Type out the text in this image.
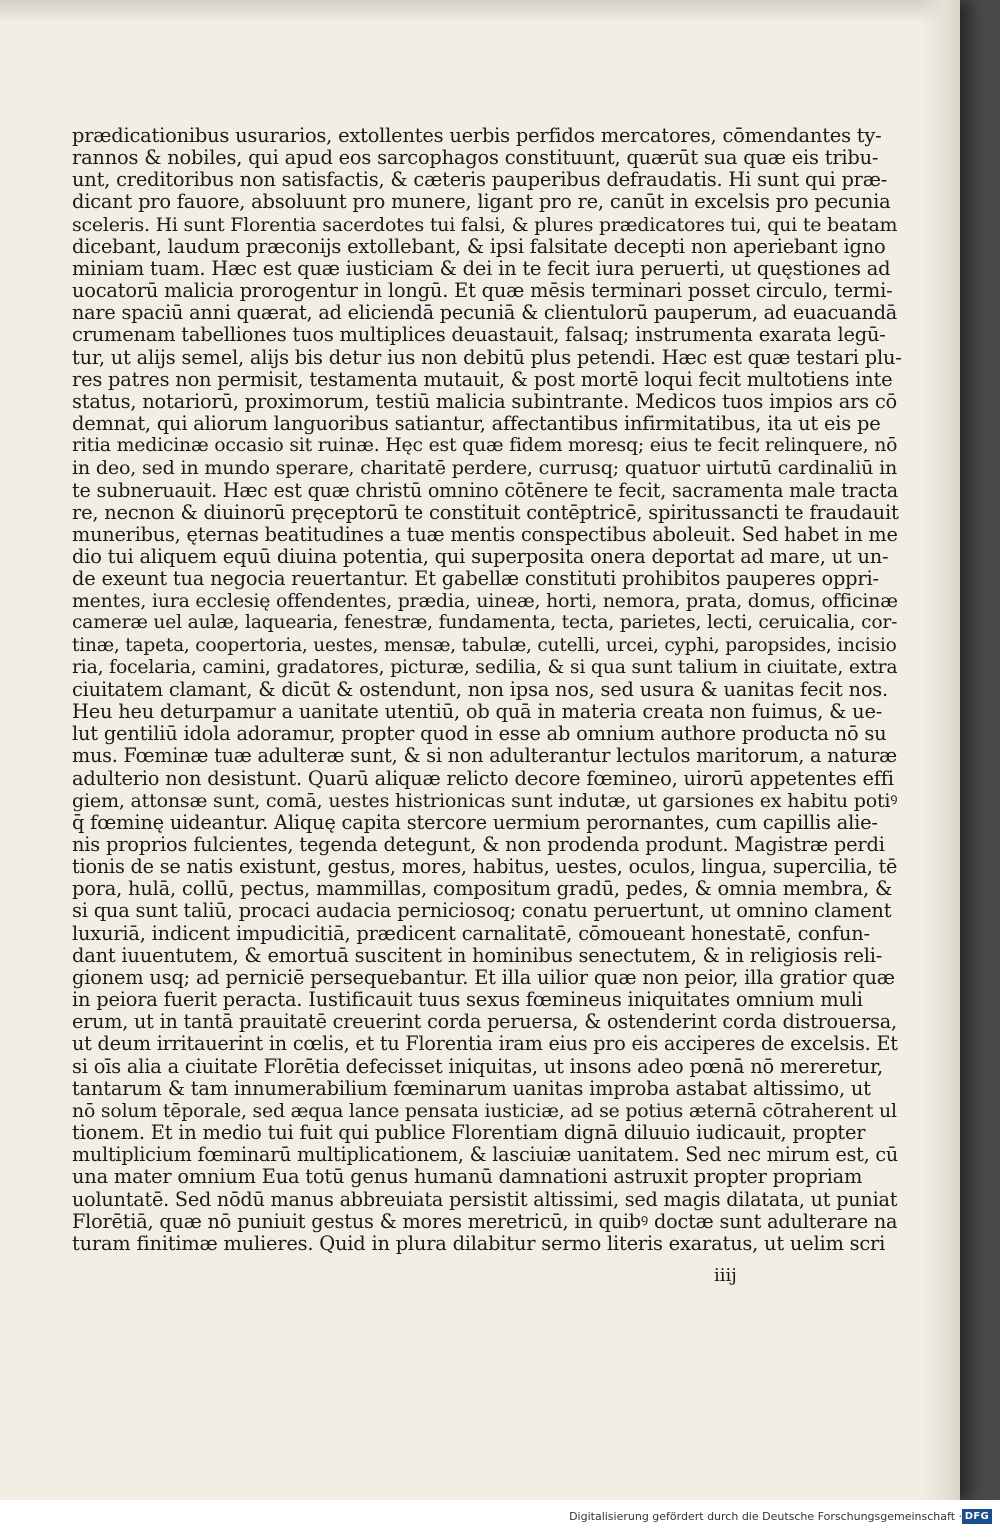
prædicationibus usurarios, extollentes uerbis perfidos mercatores, cōmendantes ty-
rannos & nobiles, qui apud eos sarcophagos constituunt, quærūt sua quæ eis tribu-
unt, creditoribus non satisfactis, & cæteris pauperibus defraudatis. Hi sunt qui præ-
dicant pro fauore, absoluunt pro munere, ligant pro re, canūt in excelsis pro pecunia
sceleris. Hi sunt Florentia sacerdotes tui falsi, & plures prædicatores tui, qui te beatam
dicebant, laudum præconijs extollebant, & ipsi falsitate decepti non aperiebant igno
miniam tuam. Hæc est quæ iusticiam & dei in te fecit iura peruerti, ut quęstiones ad
uocatorū malicia prorogentur in longū. Et quæ mēsis terminari posset circulo, termi-
nare spaciū anni quærat, ad eliciendā pecuniā & clientulorū pauperum, ad euacuandā
crumenam tabelliones tuos multiplices deuastauit, falsaq; instrumenta exarata legū-
tur, ut alijs semel, alijs bis detur ius non debitū plus petendi. Hæc est quæ testari plu-
res patres non permisit, testamenta mutauit, & post mortē loqui fecit multotiens inte
status, notariorū, proximorum, testiū malicia subintrante. Medicos tuos impios ars cō
demnat, qui aliorum languoribus satiantur, affectantibus infirmitatibus, ita ut eis pe
ritia medicinæ occasio sit ruinæ. Hęc est quæ fidem moresq; eius te fecit relinquere, nō
in deo, sed in mundo sperare, charitatē perdere, currusq; quatuor uirtutū cardinaliū in
te subneruauit. Hæc est quæ christū omnino cōtēnere te fecit, sacramenta male tracta
re, necnon & diuinorū pręceptorū te constituit contēptricē, spiritussancti te fraudauit
muneribus, ęternas beatitudines a tuæ mentis conspectibus aboleuit. Sed habet in me
dio tui aliquem equū diuina potentia, qui superposita onera deportat ad mare, ut un-
de exeunt tua negocia reuertantur. Et gabellæ constituti prohibitos pauperes oppri-
mentes, iura ecclesię offendentes, prædia, uineæ, horti, nemora, prata, domus, officinæ
cameræ uel aulæ, laquearia, fenestræ, fundamenta, tecta, parietes, lecti, ceruicalia, cor-
tinæ, tapeta, coopertoria, uestes, mensæ, tabulæ, cutelli, urcei, cyphi, paropsides, incisio
ria, focelaria, camini, gradatores, picturæ, sedilia, & si qua sunt talium in ciuitate, extra
ciuitatem clamant, & dicūt & ostendunt, non ipsa nos, sed usura & uanitas fecit nos.
Heu heu deturpamur a uanitate utentiū, ob quā in materia creata non fuimus, & ue-
lut gentiliū idola adoramur, propter quod in esse ab omnium authore producta nō su
mus. Fœminæ tuæ adulteræ sunt, & si non adulterantur lectulos maritorum, a naturæ
adulterio non desistunt. Quarū aliquæ relicto decore fœmineo, uirorū appetentes effi
giem, attonsæ sunt, comā, uestes histrionicas sunt indutæ, ut garsiones ex habitu potiꝰ
q̄ fœminę uideantur. Aliquę capita stercore uermium perornantes, cum capillis alie-
nis proprios fulcientes, tegenda detegunt, & non prodenda produnt. Magistræ perdi
tionis de se natis existunt, gestus, mores, habitus, uestes, oculos, lingua, supercilia, tē
pora, hulā, collū, pectus, mammillas, compositum gradū, pedes, & omnia membra, &
si qua sunt taliū, procaci audacia perniciosoq; conatu peruertunt, ut omnino clament
luxuriā, indicent impudicitiā, prædicent carnalitatē, cōmoueant honestatē, confun-
dant iuuentutem, & emortuā suscitent in hominibus senectutem, & in religiosis reli-
gionem usq; ad perniciē persequebantur. Et illa uilior quæ non peior, illa gratior quæ
in peiora fuerit peracta. Iustificauit tuus sexus fœmineus iniquitates omnium muli
erum, ut in tantā prauitatē creuerint corda peruersa, & ostenderint corda distrouersa,
ut deum irritauerint in cœlis, et tu Florentia iram eius pro eis acciperes de excelsis. Et
si oīs alia a ciuitate Florētia defecisset iniquitas, ut insons adeo pœnā nō mereretur,
tantarum & tam innumerabilium fœminarum uanitas improba astabat altissimo, ut
nō solum tēporale, sed æqua lance pensata iusticiæ, ad se potius æternā cōtraherent ul
tionem. Et in medio tui fuit qui publice Florentiam dignā diluuio iudicauit, propter
multiplicium fœminarū multiplicationem, & lasciuiæ uanitatem. Sed nec mirum est, cū
una mater omnium Eua totū genus humanū damnationi astruxit propter propriam
uoluntatē. Sed nōdū manus abbreuiata persistit altissimi, sed magis dilatata, ut puniat
Florētiā, quæ nō puniuit gestus & mores meretricū, in quibꝰ doctæ sunt adulterare na
turam finitimæ mulieres. Quid in plura dilabitur sermo literis exaratus, ut uelim scri
iiij
Digitalisierung gefördert durch die Deutsche Forschungsgemeinschaft · DFG
